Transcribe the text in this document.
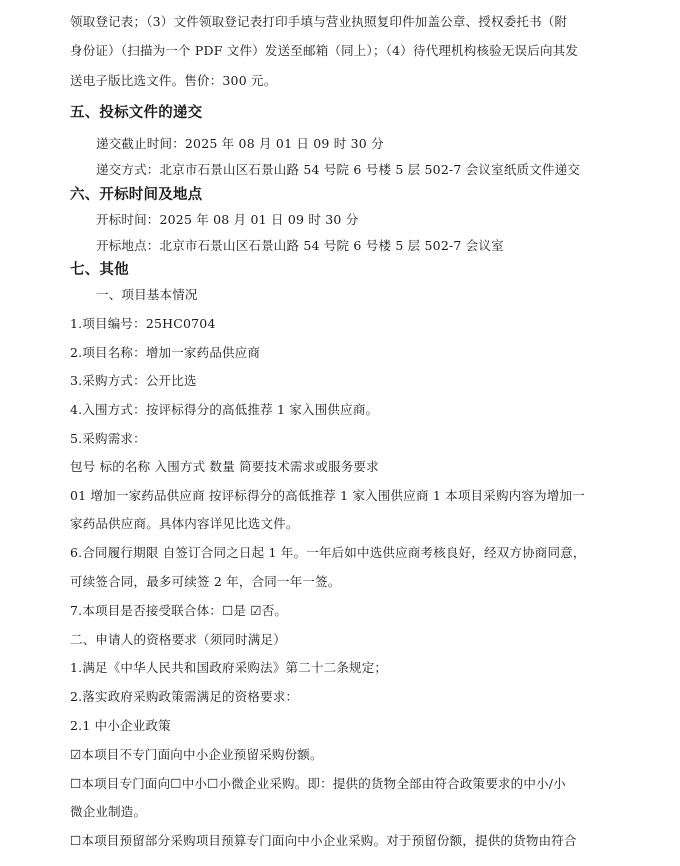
领取登记表；（3）文件领取登记表打印手填与营业执照复印件加盖公章、授权委托书（附
身份证）（扫描为一个 PDF 文件）发送至邮箱（同上）；（4）待代理机构核验无误后向其发
送电子版比选文件。售价：300 元。
五、投标文件的递交
递交截止时间：2025 年 08 月 01 日 09 时 30 分
递交方式：北京市石景山区石景山路 54 号院 6 号楼 5 层 502-7 会议室纸质文件递交
六、开标时间及地点
开标时间：2025 年 08 月 01 日 09 时 30 分
开标地点：北京市石景山区石景山路 54 号院 6 号楼 5 层 502-7 会议室
七、其他
一、项目基本情况
1.项目编号：25HC0704
2.项目名称：增加一家药品供应商
3.采购方式：公开比选
4.入围方式：按评标得分的高低推荐 1 家入围供应商。
5.采购需求：
包号 标的名称 入围方式 数量 简要技术需求或服务要求
01 增加一家药品供应商 按评标得分的高低推荐 1 家入围供应商 1 本项目采购内容为增加一
家药品供应商。具体内容详见比选文件。
6.合同履行期限 自签订合同之日起 1 年。一年后如中选供应商考核良好，经双方协商同意，
可续签合同，最多可续签 2 年，合同一年一签。
7.本项目是否接受联合体：☐是 ☑否。
二、申请人的资格要求（须同时满足）
1.满足《中华人民共和国政府采购法》第二十二条规定；
2.落实政府采购政策需满足的资格要求：
2.1 中小企业政策
☑本项目不专门面向中小企业预留采购份额。
☐本项目专门面向☐中小☐小微企业采购。即：提供的货物全部由符合政策要求的中小/小
微企业制造。
☐本项目预留部分采购项目预算专门面向中小企业采购。对于预留份额，提供的货物由符合
